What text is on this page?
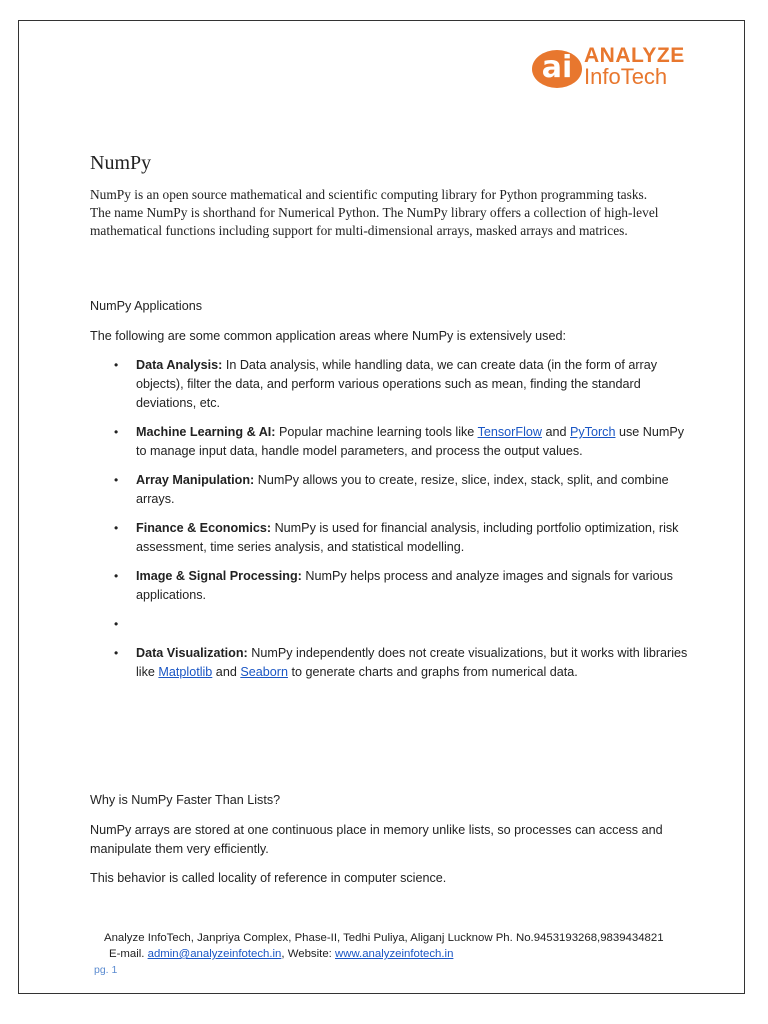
ai ANALYZE
InfoTech
NumPy

NumPy is an open source mathematical and scientific computing library for Python programming tasks. The name NumPy is shorthand for Numerical Python. The NumPy library offers a collection of high-level mathematical functions including support for multi-dimensional arrays, masked arrays and matrices.

NumPy Applications

The following are some common application areas where NumPy is extensively used:

• Data Analysis: In Data analysis, while handling data, we can create data (in the form of array objects), filter the data, and perform various operations such as mean, finding the standard deviations, etc.
• Machine Learning & AI: Popular machine learning tools like TensorFlow and PyTorch use NumPy to manage input data, handle model parameters, and process the output values.
• Array Manipulation: NumPy allows you to create, resize, slice, index, stack, split, and combine arrays.
• Finance & Economics: NumPy is used for financial analysis, including portfolio optimization, risk assessment, time series analysis, and statistical modelling.
• Image & Signal Processing: NumPy helps process and analyze images and signals for various applications.
•
• Data Visualization: NumPy independently does not create visualizations, but it works with libraries like Matplotlib and Seaborn to generate charts and graphs from numerical data.

Why is NumPy Faster Than Lists?

NumPy arrays are stored at one continuous place in memory unlike lists, so processes can access and manipulate them very efficiently.

This behavior is called locality of reference in computer science.

Analyze InfoTech, Janpriya Complex, Phase-II, Tedhi Puliya, Aliganj Lucknow Ph. No.9453193268,9839434821
E-mail. admin@analyzeinfotech.in, Website: www.analyzeinfotech.in
pg. 1
